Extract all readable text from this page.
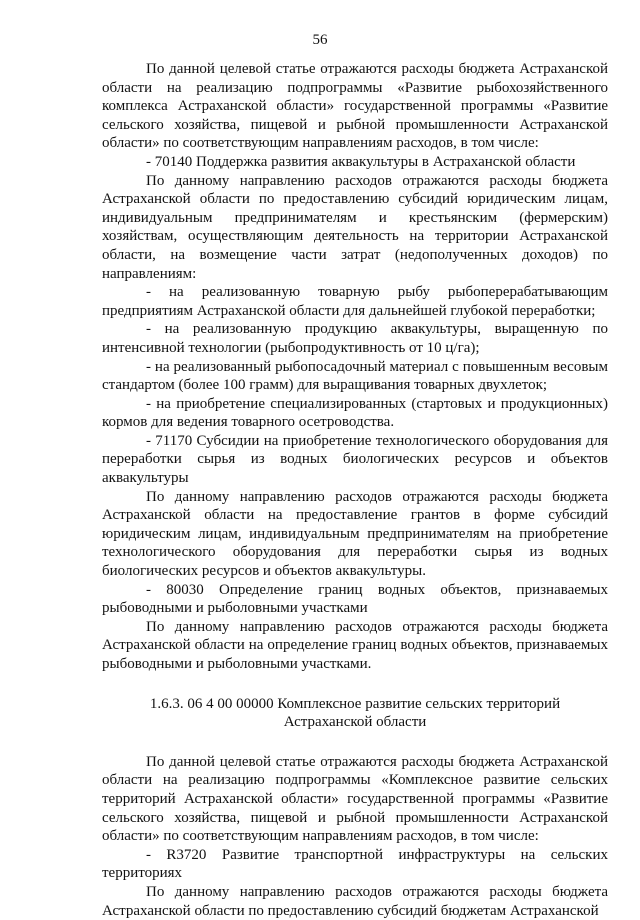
56

По данной целевой статье отражаются расходы бюджета Астраханской области на реализацию подпрограммы «Развитие рыбохозяйственного комплекса Астраханской области» государственной программы «Развитие сельского хозяйства, пищевой и рыбной промышленности Астраханской области» по соответствующим направлениям расходов, в том числе:

- 70140 Поддержка развития аквакультуры в Астраханской области

По данному направлению расходов отражаются расходы бюджета Астраханской области по предоставлению субсидий юридическим лицам, индивидуальным предпринимателям и крестьянским (фермерским) хозяйствам, осуществляющим деятельность на территории Астраханской области, на возмещение части затрат (недополученных доходов) по направлениям:

- на реализованную товарную рыбу рыбоперерабатывающим предприятиям Астраханской области для дальнейшей глубокой переработки;

- на реализованную продукцию аквакультуры, выращенную по интенсивной технологии (рыбопродуктивность от 10 ц/га);

- на реализованный рыбопосадочный материал с повышенным весовым стандартом (более 100 грамм) для выращивания товарных двухлеток;

- на приобретение специализированных (стартовых и продукционных) кормов для ведения товарного осетроводства.

- 71170 Субсидии на приобретение технологического оборудования для переработки сырья из водных биологических ресурсов и объектов аквакультуры

По данному направлению расходов отражаются расходы бюджета Астраханской области на предоставление грантов в форме субсидий юридическим лицам, индивидуальным предпринимателям на приобретение технологического оборудования для переработки сырья из водных биологических ресурсов и объектов аквакультуры.

- 80030 Определение границ водных объектов, признаваемых рыбоводными и рыболовными участками

По данному направлению расходов отражаются расходы бюджета Астраханской области на определение границ водных объектов, признаваемых рыбоводными и рыболовными участками.

1.6.3. 06 4 00 00000 Комплексное развитие сельских территорий
Астраханской области

По данной целевой статье отражаются расходы бюджета Астраханской области на реализацию подпрограммы «Комплексное развитие сельских территорий Астраханской области» государственной программы «Развитие сельского хозяйства, пищевой и рыбной промышленности Астраханской области» по соответствующим направлениям расходов, в том числе:

- R3720 Развитие транспортной инфраструктуры на сельских территориях

По данному направлению расходов отражаются расходы бюджета Астраханской области по предоставлению субсидий бюджетам Астраханской
